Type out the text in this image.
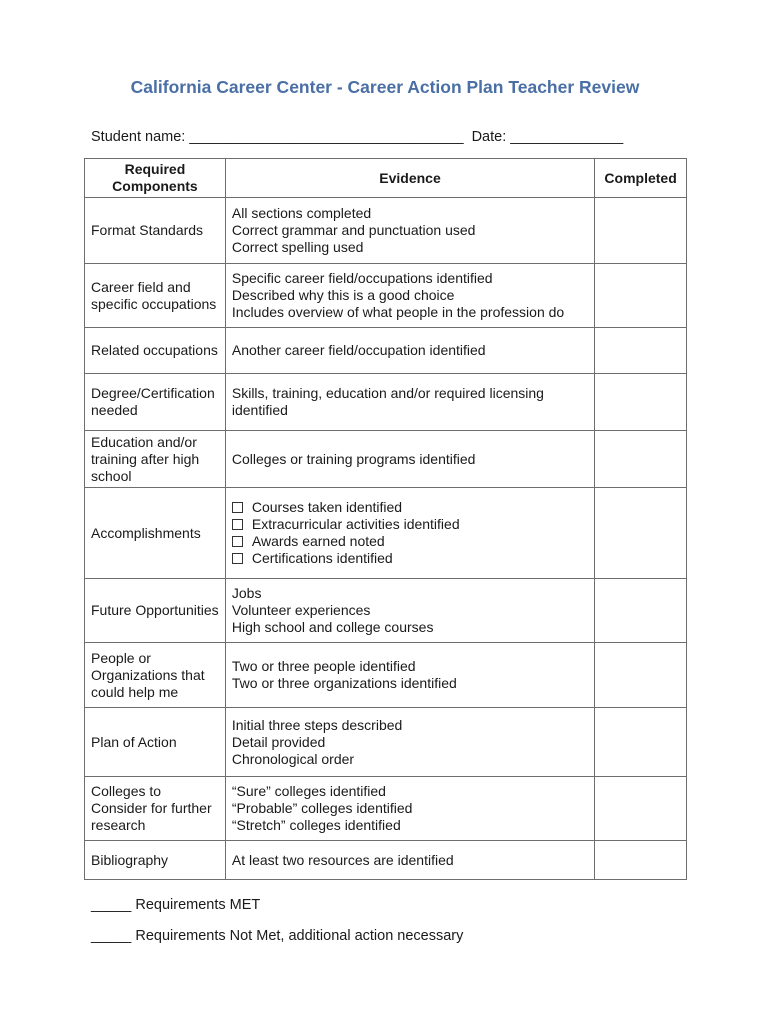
California Career Center - Career Action Plan Teacher Review
Student name: __________________________________  Date: ______________
Required Components	Evidence	Completed
Format Standards	All sections completed
Correct grammar and punctuation used
Correct spelling used	

Career field and specific occupations	Specific career field/occupations identified
Described why this is a good choice
Includes overview of what people in the profession do	

Related occupations	Another career field/occupation identified	

Degree/Certification needed	Skills, training, education and/or required licensing
identified	

Education and/or training after high school	Colleges or training programs identified	

Accomplishments	Courses taken identified
Extracurricular activities identified
Awards earned noted
Certifications identified	

Future Opportunities	Jobs
Volunteer experiences
High school and college courses	

People or Organizations that could help me	Two or three people identified
Two or three organizations identified	

Plan of Action	Initial three steps described
Detail provided
Chronological order	

Colleges to Consider for further research	“Sure” colleges identified
“Probable” colleges identified
“Stretch” colleges identified	

Bibliography	At least two resources are identified	

_____ Requirements MET
_____ Requirements Not Met, additional action necessary
